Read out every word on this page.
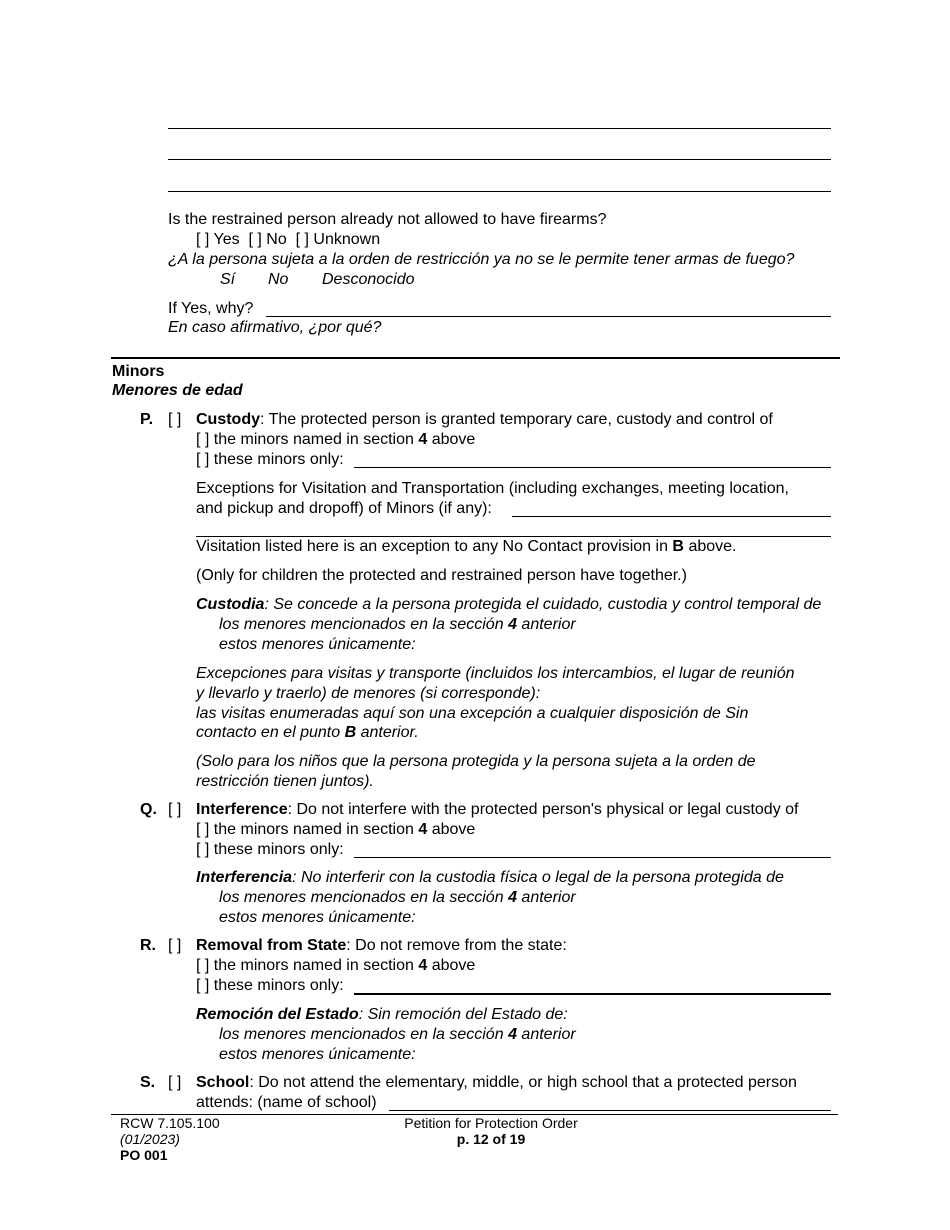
Is the restrained person already not allowed to have firearms?
[ ] Yes  [ ] No  [ ] Unknown
¿A la persona sujeta a la orden de restricción ya no se le permite tener armas de fuego?
Sí No Desconocido
If Yes, why?
En caso afirmativo, ¿por qué?
Minors
Menores de edad
P. [ ] Custody: The protected person is granted temporary care, custody and control of
[ ] the minors named in section 4 above
[ ] these minors only:
Exceptions for Visitation and Transportation (including exchanges, meeting location,
and pickup and dropoff) of Minors (if any):
Visitation listed here is an exception to any No Contact provision in B above.
(Only for children the protected and restrained person have together.)
Custodia: Se concede a la persona protegida el cuidado, custodia y control temporal de
los menores mencionados en la sección 4 anterior
estos menores únicamente:
Excepciones para visitas y transporte (incluidos los intercambios, el lugar de reunión
y llevarlo y traerlo) de menores (si corresponde):
las visitas enumeradas aquí son una excepción a cualquier disposición de Sin
contacto en el punto B anterior.
(Solo para los niños que la persona protegida y la persona sujeta a la orden de
restricción tienen juntos).
Q. [ ] Interference: Do not interfere with the protected person's physical or legal custody of
[ ] the minors named in section 4 above
[ ] these minors only:
Interferencia: No interferir con la custodia física o legal de la persona protegida de
los menores mencionados en la sección 4 anterior
estos menores únicamente:
R. [ ] Removal from State: Do not remove from the state:
[ ] the minors named in section 4 above
[ ] these minors only:
Remoción del Estado: Sin remoción del Estado de:
los menores mencionados en la sección 4 anterior
estos menores únicamente:
S. [ ] School: Do not attend the elementary, middle, or high school that a protected person
attends: (name of school)
RCW 7.105.100
(01/2023)
PO 001
Petition for Protection Order
p. 12 of 19
